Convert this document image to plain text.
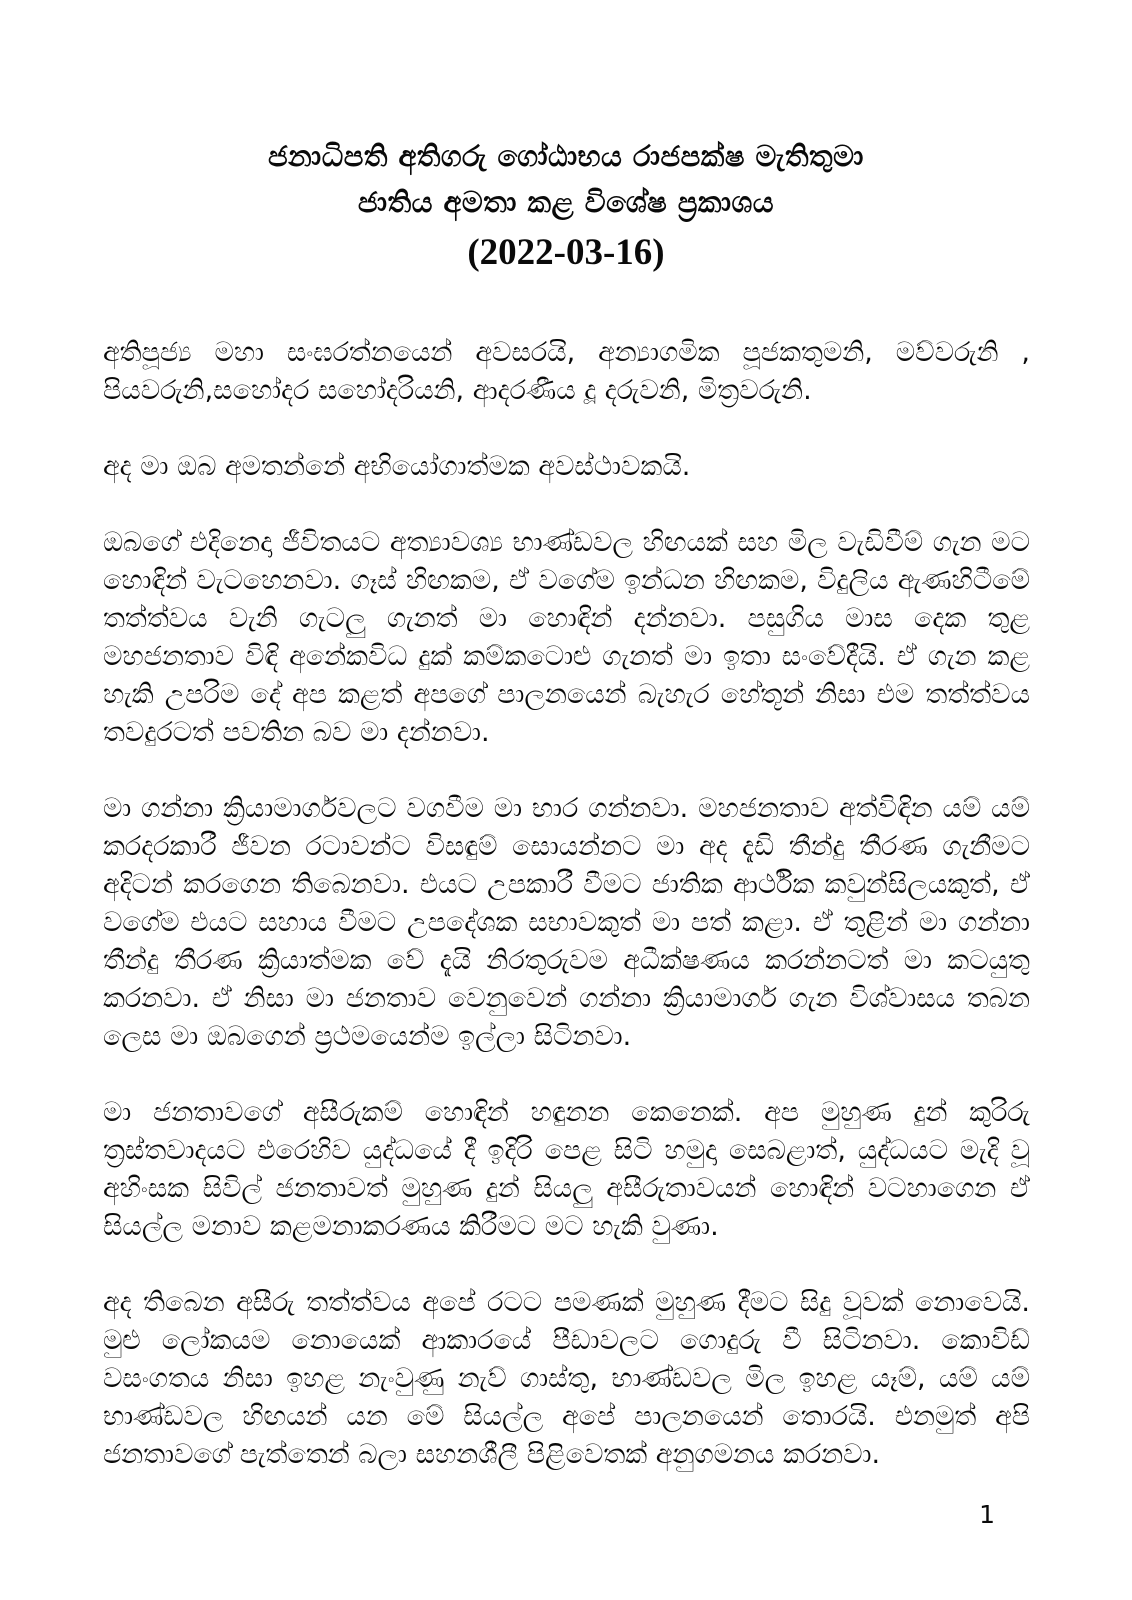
ජනාධිපති අතිගරු ගෝඨාභය රාජපක්ෂ මැතිතුමා
ජාතිය අමතා කළ විශේෂ ප්‍රකාශය
(2022-03-16)

අතිපූජ්‍ය මහා සංඝරත්නයෙන් අවසරයි, අන්‍යාගමික පූජකතුමනි, මව්වරුනි , පියවරුනි,සහෝදර සහෝදරියනි, ආදරණීය දූ දරුවනි, මිත්‍රවරුනි.

අද මා ඔබ අමතන්නේ අභියෝගාත්මක අවස්ථාවකයි.

ඔබගේ එදිනෙදා ජීවිතයට අත්‍යාවශ්‍ය භාණ්ඩවල හිඟයක් සහ මිල වැඩිවීම් ගැන මට හොඳින් වැටහෙනවා. ගෑස් හිඟකම, ඒ වගේම ඉන්ධන හිඟකම, විදුලිය ඇණහිටීමේ තත්ත්වය වැනි ගැටලු ගැනත් මා හොඳින් දන්නවා. පසුගිය මාස දෙක තුළ මහජනතාව විඳි අනේකවිධ දුක් කම්කටොළු ගැනත් මා ඉතා සංවේදීයි. ඒ ගැන කළ හැකි උපරිම දේ අප කළත් අපගේ පාලනයෙන් බැහැර හේතූන් නිසා එම තත්ත්වය තවදුරටත් පවතින බව මා දන්නවා.

මා ගන්නා ක්‍රියාමාර්ගවලට වගවීම මා භාර ගන්නවා. මහජනතාව අත්විඳින යම් යම් කරදරකාරී ජීවන රටාවන්ට විසඳුම් සොයන්නට මා අද දැඩි තීන්දු තීරණ ගැනීමට අදිටන් කරගෙන තිබෙනවා. එයට උපකාරී වීමට ජාතික ආර්ථික කවුන්සිලයකුත්, ඒ වගේම එයට සහාය වීමට උපදේශක සභාවකුත් මා පත් කළා. ඒ තුළින් මා ගන්නා තීන්දු තීරණ ක්‍රියාත්මක වේ දැයි නිරතුරුවම අධීක්ෂණය කරන්නටත් මා කටයුතු කරනවා. ඒ නිසා මා ජනතාව වෙනුවෙන් ගන්නා ක්‍රියාමාර්ග ගැන විශ්වාසය තබන ලෙස මා ඔබගෙන් ප්‍රථමයෙන්ම ඉල්ලා සිටිනවා.

මා ජනතාවගේ අසීරුකම් හොඳින් හඳුනන කෙනෙක්. අප මුහුණ දුන් කුරිරු ත්‍රස්තවාදයට එරෙහිව යුද්ධයේ දී ඉදිරි පෙළ සිටි හමුදා සෙබළාත්, යුද්ධයට මැදි වූ අහිංසක සිවිල් ජනතාවත් මුහුණ දුන් සියලු අසීරුතාවයන් හොඳින් වටහාගෙන ඒ සියල්ල මනාව කළමනාකරණය කිරීමට මට හැකි වුණා.

අද තිබෙන අසීරු තත්ත්වය අපේ රටට පමණක් මුහුණ දීමට සිදු වූවක් නොවෙයි. මුළු ලෝකයම නොයෙක් ආකාරයේ පීඩාවලට ගොදුරු වී සිටිනවා. කොවිඩ් වසංගතය නිසා ඉහළ නැංවුණු නැව් ගාස්තු, භාණ්ඩවල මිල ඉහළ යෑම්, යම් යම් භාණ්ඩවල හිඟයන් යන මේ සියල්ල අපේ පාලනයෙන් තොරයි. එනමුත් අපි ජනතාවගේ පැත්තෙන් බලා සහනශීලී පිළිවෙතක් අනුගමනය කරනවා.

1
